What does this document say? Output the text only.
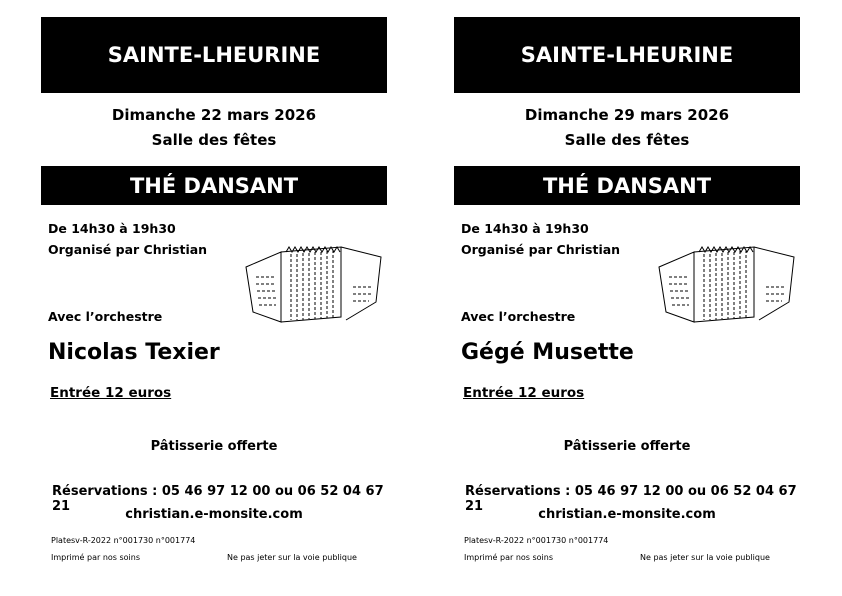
SAINTE-LHEURINE
Dimanche 22 mars 2026
Salle des fêtes
THÉ DANSANT
De 14h30 à 19h30
Organisé par Christian
Avec l’orchestre
Nicolas Texier
Entrée 12 euros
Pâtisserie offerte
Réservations : 05 46 97 12 00 ou 06 52 04 67 21
christian.e-monsite.com
Platesv-R-2022 n°001730 n°001774
Imprimé par nos soins	Ne pas jeter sur la voie publique
SAINTE-LHEURINE
Dimanche 29 mars 2026
Salle des fêtes
THÉ DANSANT
De 14h30 à 19h30
Organisé par Christian
Avec l’orchestre
Gégé Musette
Entrée 12 euros
Pâtisserie offerte
Réservations : 05 46 97 12 00 ou 06 52 04 67 21
christian.e-monsite.com
Platesv-R-2022 n°001730 n°001774
Imprimé par nos soins	Ne pas jeter sur la voie publique
